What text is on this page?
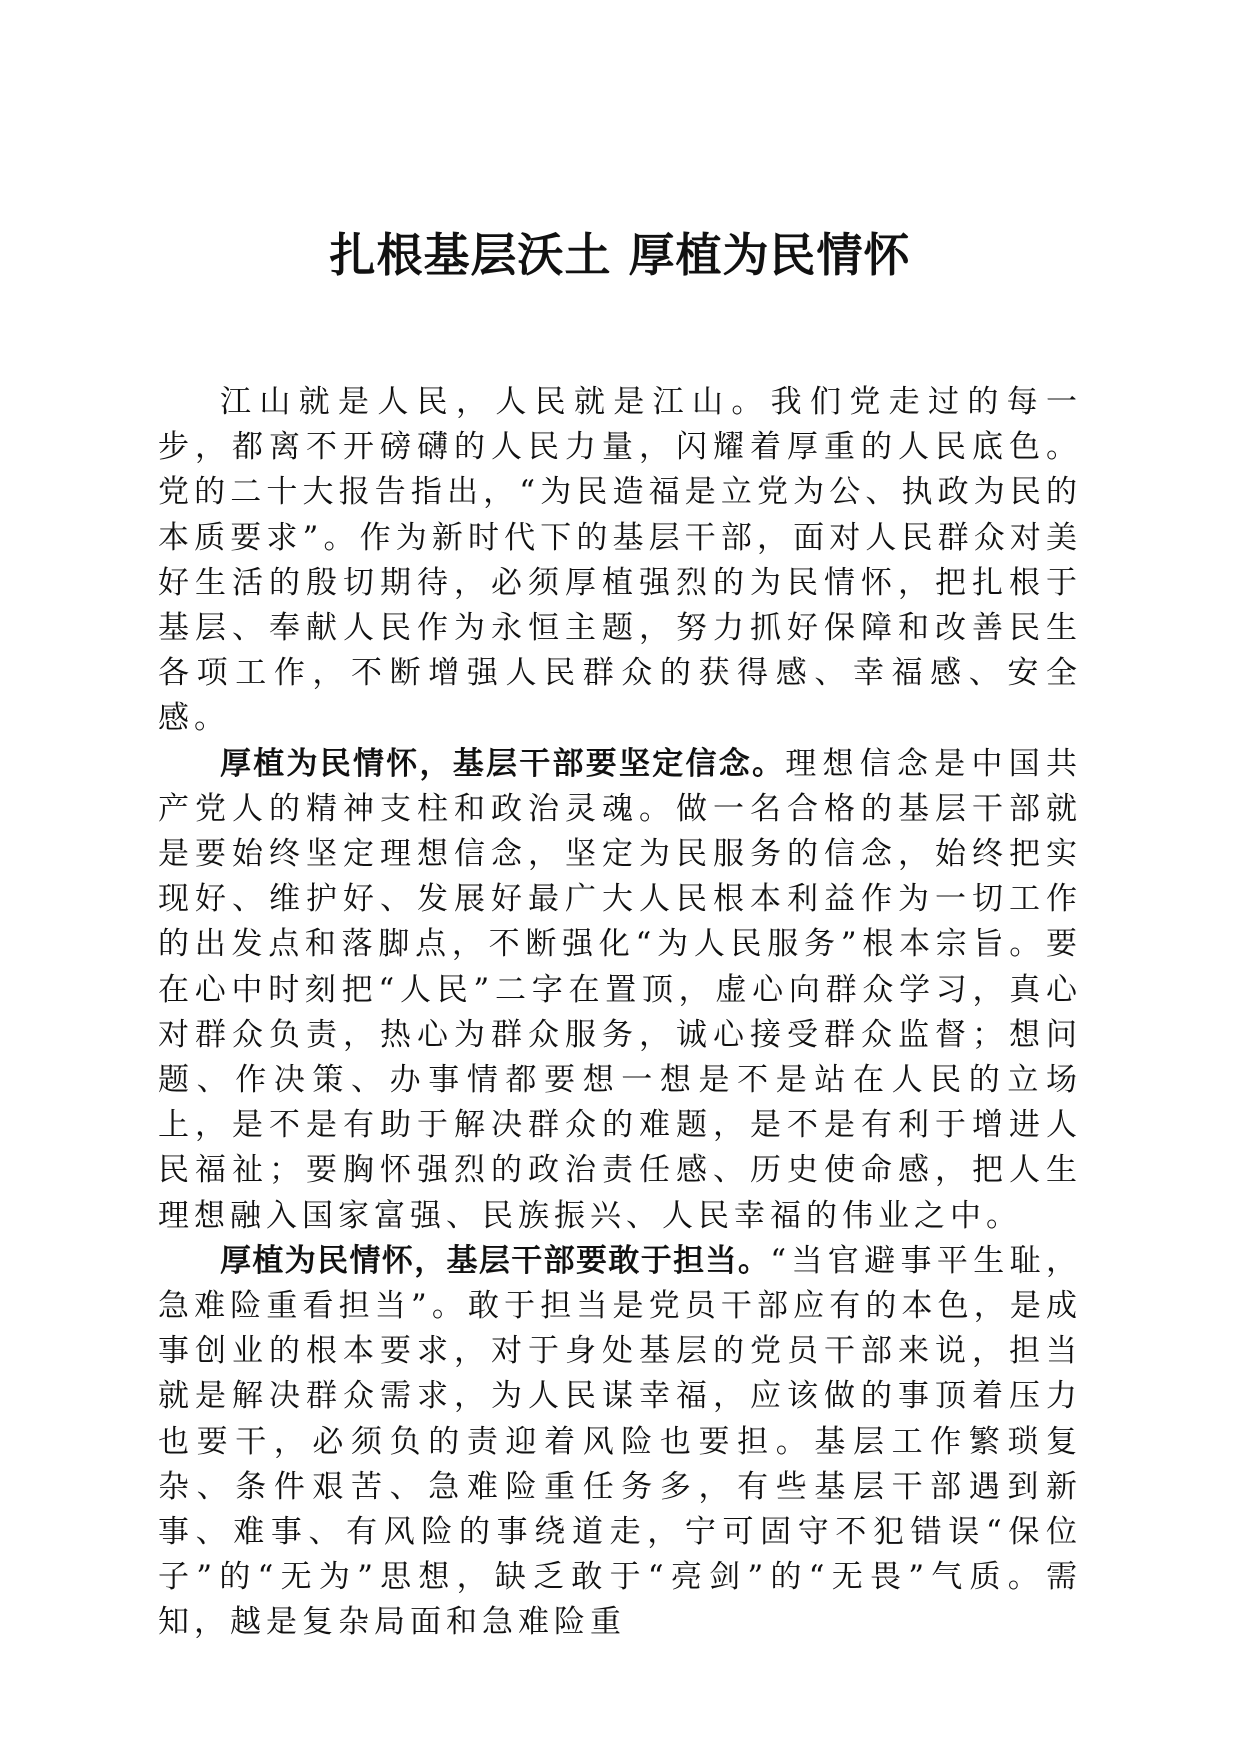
扎根基层沃土 厚植为民情怀

江山就是人民，人民就是江山。我们党走过的每一步，都离不开磅礴的人民力量，闪耀着厚重的人民底色。党的二十大报告指出，“为民造福是立党为公、执政为民的本质要求”。作为新时代下的基层干部，面对人民群众对美好生活的殷切期待，必须厚植强烈的为民情怀，把扎根于基层、奉献人民作为永恒主题，努力抓好保障和改善民生各项工作，不断增强人民群众的获得感、幸福感、安全感。

厚植为民情怀，基层干部要坚定信念。理想信念是中国共产党人的精神支柱和政治灵魂。做一名合格的基层干部就是要始终坚定理想信念，坚定为民服务的信念，始终把实现好、维护好、发展好最广大人民根本利益作为一切工作的出发点和落脚点，不断强化“为人民服务”根本宗旨。要在心中时刻把“人民”二字在置顶，虚心向群众学习，真心对群众负责，热心为群众服务，诚心接受群众监督；想问题、作决策、办事情都要想一想是不是站在人民的立场上，是不是有助于解决群众的难题，是不是有利于增进人民福祉；要胸怀强烈的政治责任感、历史使命感，把人生理想融入国家富强、民族振兴、人民幸福的伟业之中。

厚植为民情怀，基层干部要敢于担当。“当官避事平生耻，急难险重看担当”。敢于担当是党员干部应有的本色，是成事创业的根本要求，对于身处基层的党员干部来说，担当就是解决群众需求，为人民谋幸福，应该做的事顶着压力也要干，必须负的责迎着风险也要担。基层工作繁琐复杂、条件艰苦、急难险重任务多，有些基层干部遇到新事、难事、有风险的事绕道走，宁可固守不犯错误“保位子”的“无为”思想，缺乏敢于“亮剑”的“无畏”气质。需知，越是复杂局面和急难险重
